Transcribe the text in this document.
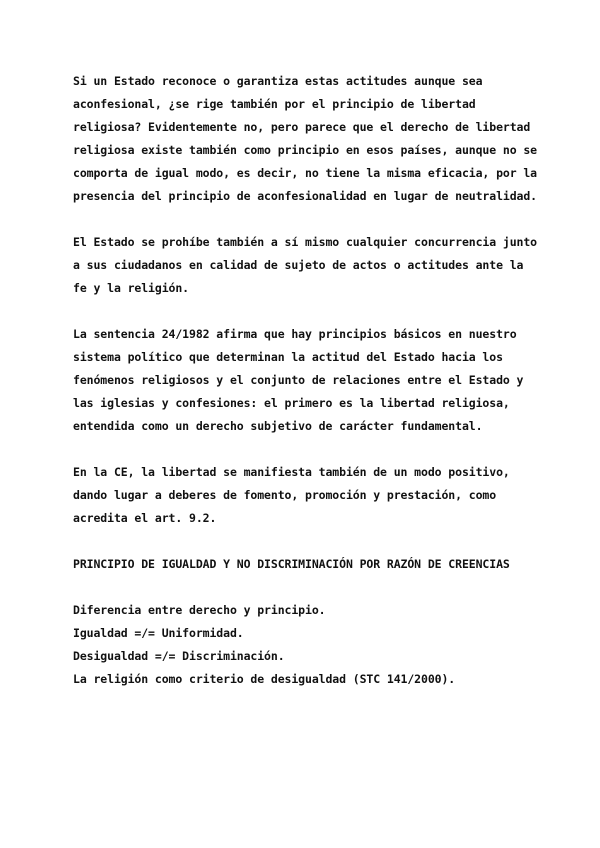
Si un Estado reconoce o garantiza estas actitudes aunque sea aconfesional, ¿se rige también por el principio de libertad religiosa? Evidentemente no, pero parece que el derecho de libertad religiosa existe también como principio en esos países, aunque no se comporta de igual modo, es decir, no tiene la misma eficacia, por la presencia del principio de aconfesionalidad en lugar de neutralidad.

El Estado se prohíbe también a sí mismo cualquier concurrencia junto a sus ciudadanos en calidad de sujeto de actos o actitudes ante la fe y la religión.

La sentencia 24/1982 afirma que hay principios básicos en nuestro sistema político que determinan la actitud del Estado hacia los fenómenos religiosos y el conjunto de relaciones entre el Estado y las iglesias y confesiones: el primero es la libertad religiosa, entendida como un derecho subjetivo de carácter fundamental.

En la CE, la libertad se manifiesta también de un modo positivo, dando lugar a deberes de fomento, promoción y prestación, como acredita el art. 9.2.

PRINCIPIO DE IGUALDAD Y NO DISCRIMINACIÓN POR RAZÓN DE CREENCIAS

Diferencia entre derecho y principio.
Igualdad =/= Uniformidad.
Desigualdad =/= Discriminación.
La religión como criterio de desigualdad (STC 141/2000).
